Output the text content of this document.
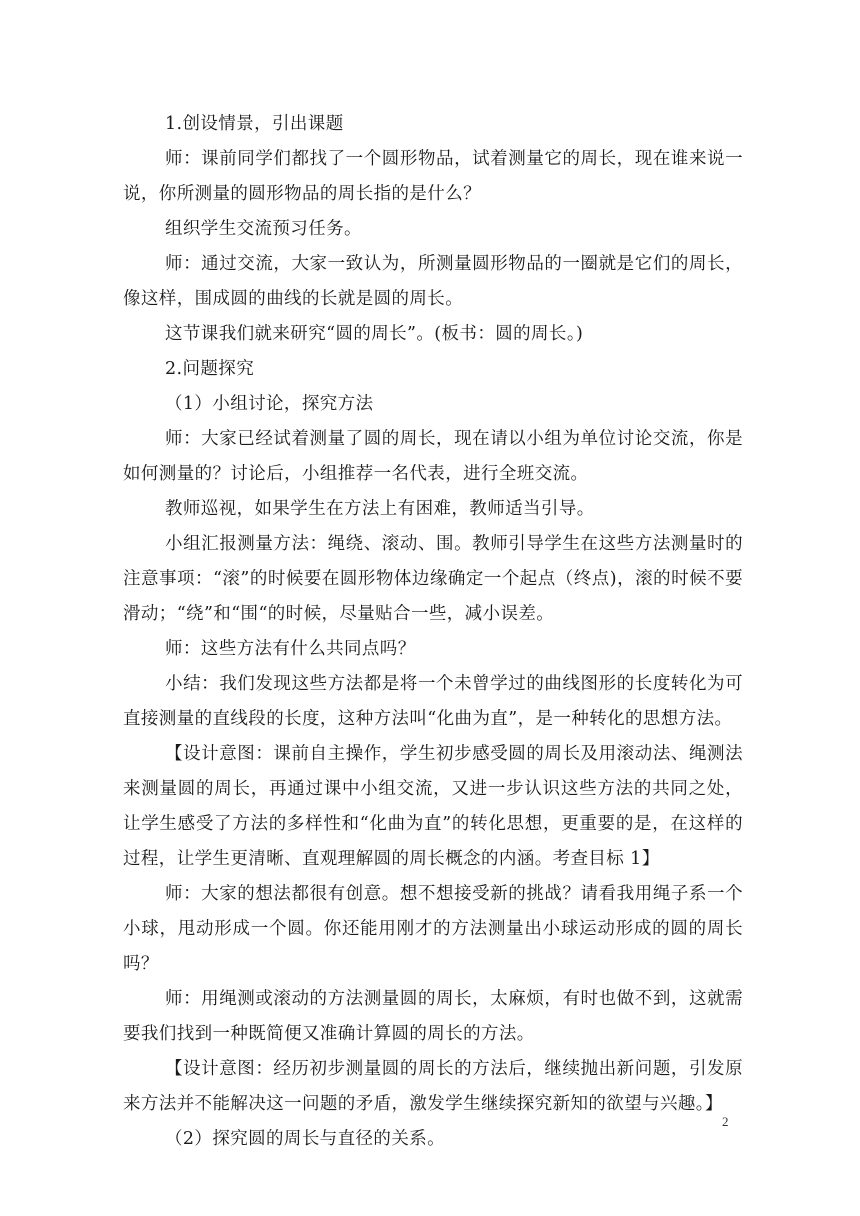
1.创设情景，引出课题

师：课前同学们都找了一个圆形物品，试着测量它的周长，现在谁来说一说，你所测量的圆形物品的周长指的是什么？

组织学生交流预习任务。

师：通过交流，大家一致认为，所测量圆形物品的一圈就是它们的周长，像这样，围成圆的曲线的长就是圆的周长。

这节课我们就来研究“圆的周长”。(板书：圆的周长。)

2.问题探究

（1）小组讨论，探究方法

师：大家已经试着测量了圆的周长，现在请以小组为单位讨论交流，你是如何测量的？讨论后，小组推荐一名代表，进行全班交流。

教师巡视，如果学生在方法上有困难，教师适当引导。

小组汇报测量方法：绳绕、滚动、围。教师引导学生在这些方法测量时的注意事项：“滚”的时候要在圆形物体边缘确定一个起点（终点)，滚的时候不要滑动；“绕”和“围“的时候，尽量贴合一些，减小误差。

师：这些方法有什么共同点吗？

小结：我们发现这些方法都是将一个未曾学过的曲线图形的长度转化为可直接测量的直线段的长度，这种方法叫“化曲为直”，是一种转化的思想方法。

【设计意图：课前自主操作，学生初步感受圆的周长及用滚动法、绳测法来测量圆的周长，再通过课中小组交流，又进一步认识这些方法的共同之处，让学生感受了方法的多样性和“化曲为直”的转化思想，更重要的是，在这样的过程，让学生更清晰、直观理解圆的周长概念的内涵。考查目标 1】

师：大家的想法都很有创意。想不想接受新的挑战？请看我用绳子系一个小球，甩动形成一个圆。你还能用刚才的方法测量出小球运动形成的圆的周长吗？

师：用绳测或滚动的方法测量圆的周长，太麻烦，有时也做不到，这就需要我们找到一种既简便又准确计算圆的周长的方法。

【设计意图：经历初步测量圆的周长的方法后，继续抛出新问题，引发原来方法并不能解决这一问题的矛盾，激发学生继续探究新知的欲望与兴趣。】

（2）探究圆的周长与直径的关系。

2
